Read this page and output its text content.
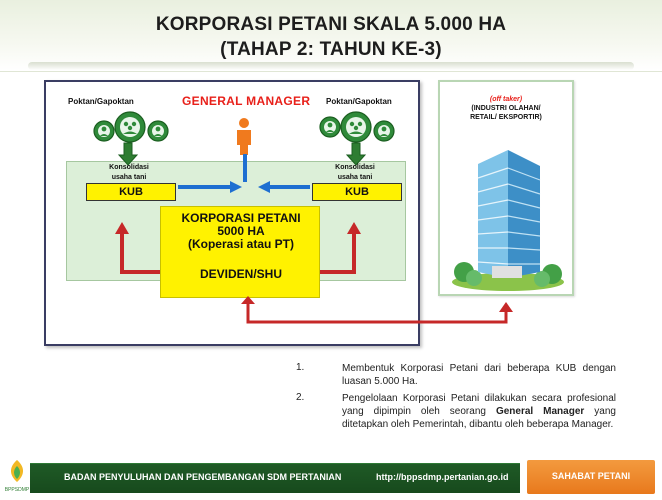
KORPORASI PETANI SKALA 5.000 HA
(TAHAP 2: TAHUN KE-3)
Poktan/Gapoktan	Poktan/Gapoktan
GENERAL MANAGER
Konsolidasi
usaha tani
Konsolidasi
usaha tani
KUB	KUB
KORPORASI PETANI
5000 HA
(Koperasi atau PT)
DEVIDEN/SHU
(off taker)
(INDUSTRI OLAHAN/
RETAIL/ EKSPORTIR)
1.	Membentuk Korporasi Petani dari beberapa KUB dengan luasan 5.000 Ha.
2.	Pengelolaan Korporasi Petani dilakukan secara profesional yang dipimpin oleh seorang General Manager yang ditetapkan oleh Pemerintah, dibantu oleh beberapa Manager.
BPPSDMP
BADAN PENYULUHAN DAN PENGEMBANGAN SDM PERTANIAN	http://bppsdmp.pertanian.go.id	SAHABAT PETANI
